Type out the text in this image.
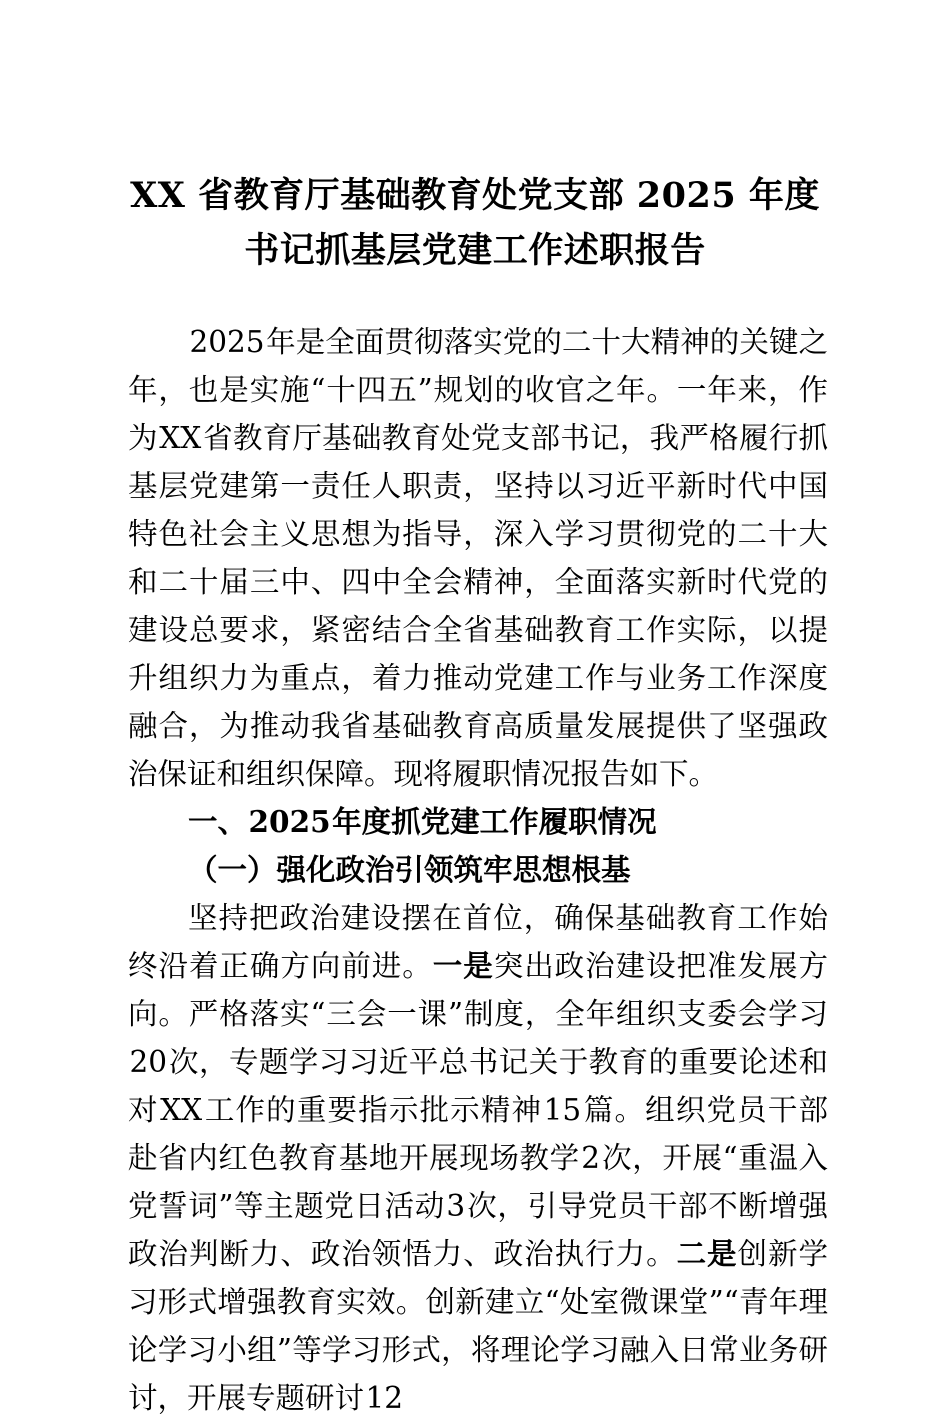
XX 省教育厅基础教育处党支部 2025 年度
书记抓基层党建工作述职报告

2025年是全面贯彻落实党的二十大精神的关键之年，也是实施“十四五”规划的收官之年。一年来，作为XX省教育厅基础教育处党支部书记，我严格履行抓基层党建第一责任人职责，坚持以习近平新时代中国特色社会主义思想为指导，深入学习贯彻党的二十大和二十届三中、四中全会精神，全面落实新时代党的建设总要求，紧密结合全省基础教育工作实际，以提升组织力为重点，着力推动党建工作与业务工作深度融合，为推动我省基础教育高质量发展提供了坚强政治保证和组织保障。现将履职情况报告如下。

一、2025年度抓党建工作履职情况

（一）强化政治引领筑牢思想根基

坚持把政治建设摆在首位，确保基础教育工作始终沿着正确方向前进。一是突出政治建设把准发展方向。严格落实“三会一课”制度，全年组织支委会学习20次，专题学习习近平总书记关于教育的重要论述和对XX工作的重要指示批示精神15篇。组织党员干部赴省内红色教育基地开展现场教学2次，开展“重温入党誓词”等主题党日活动3次，引导党员干部不断增强政治判断力、政治领悟力、政治执行力。二是创新学习形式增强教育实效。创新建立“处室微课堂”“青年理论学习小组”等学习形式，将理论学习融入日常业务研讨，开展专题研讨12
